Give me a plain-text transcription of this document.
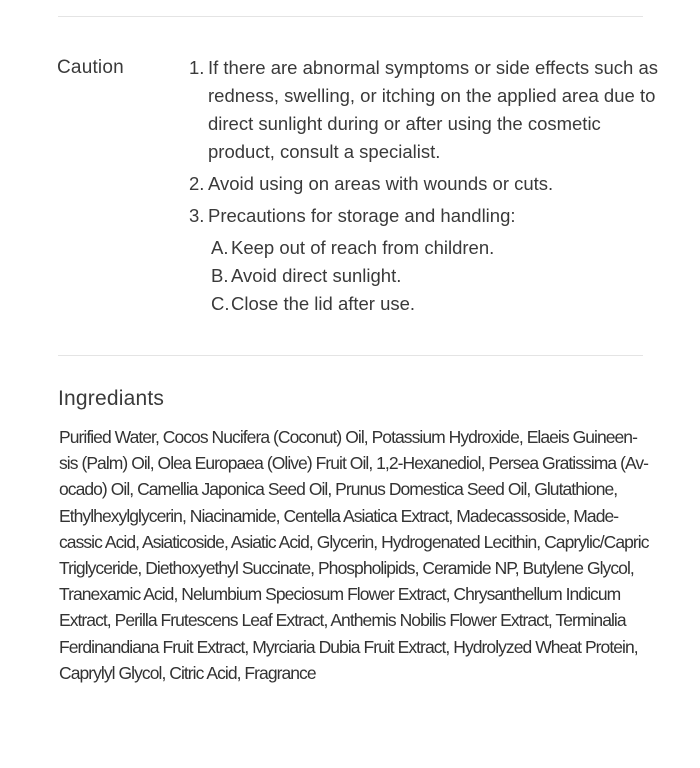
Caution	1. If there are abnormal symptoms or side effects such as redness, swelling, or itching on the applied area due to direct sunlight during or after using the cosmetic product, consult a specialist.
2. Avoid using on areas with wounds or cuts.
3. Precautions for storage and handling:
A. Keep out of reach from children.
B. Avoid direct sunlight.
C. Close the lid after use.
Ingrediants
Purified Water, Cocos Nucifera (Coconut) Oil, Potassium Hydroxide, Elaeis Guineensis (Palm) Oil, Olea Europaea (Olive) Fruit Oil, 1,2-Hexanediol, Persea Gratissima (Avocado) Oil, Camellia Japonica Seed Oil, Prunus Domestica Seed Oil, Glutathione, Ethylhexylglycerin, Niacinamide, Centella Asiatica Extract, Madecassoside, Madecassic Acid, Asiaticoside, Asiatic Acid, Glycerin, Hydrogenated Lecithin, Caprylic/Capric Triglyceride, Diethoxyethyl Succinate, Phospholipids, Ceramide NP, Butylene Glycol, Tranexamic Acid, Nelumbium Speciosum Flower Extract, Chrysanthellum Indicum Extract, Perilla Frutescens Leaf Extract, Anthemis Nobilis Flower Extract, Terminalia Ferdinandiana Fruit Extract, Myrciaria Dubia Fruit Extract, Hydrolyzed Wheat Protein, Caprylyl Glycol, Citric Acid, Fragrance
